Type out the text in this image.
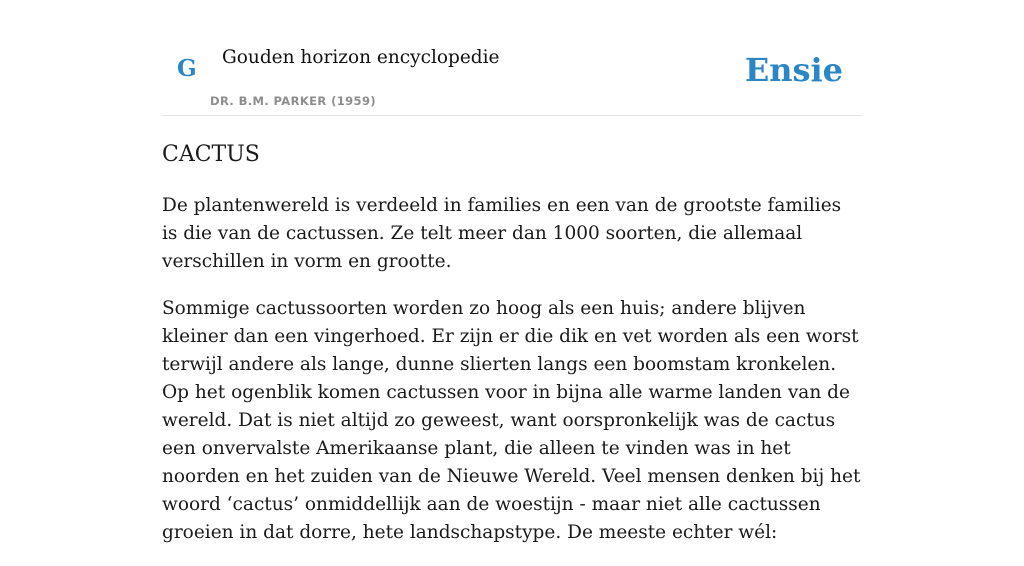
G Gouden horizon encyclopedie
DR. B.M. PARKER (1959)
Ensie
CACTUS

De plantenwereld is verdeeld in families en een van de grootste families is die van de cactussen. Ze telt meer dan 1000 soorten, die allemaal verschillen in vorm en grootte.

Sommige cactussoorten worden zo hoog als een huis; andere blijven kleiner dan een vingerhoed. Er zijn er die dik en vet worden als een worst terwijl andere als lange, dunne slierten langs een boomstam kronkelen. Op het ogenblik komen cactussen voor in bijna alle warme landen van de wereld. Dat is niet altijd zo geweest, want oorspronkelijk was de cactus een onvervalste Amerikaanse plant, die alleen te vinden was in het noorden en het zuiden van de Nieuwe Wereld. Veel mensen denken bij het woord ‘cactus’ onmiddellijk aan de woestijn - maar niet alle cactussen groeien in dat dorre, hete landschapstype. De meeste echter wél:
